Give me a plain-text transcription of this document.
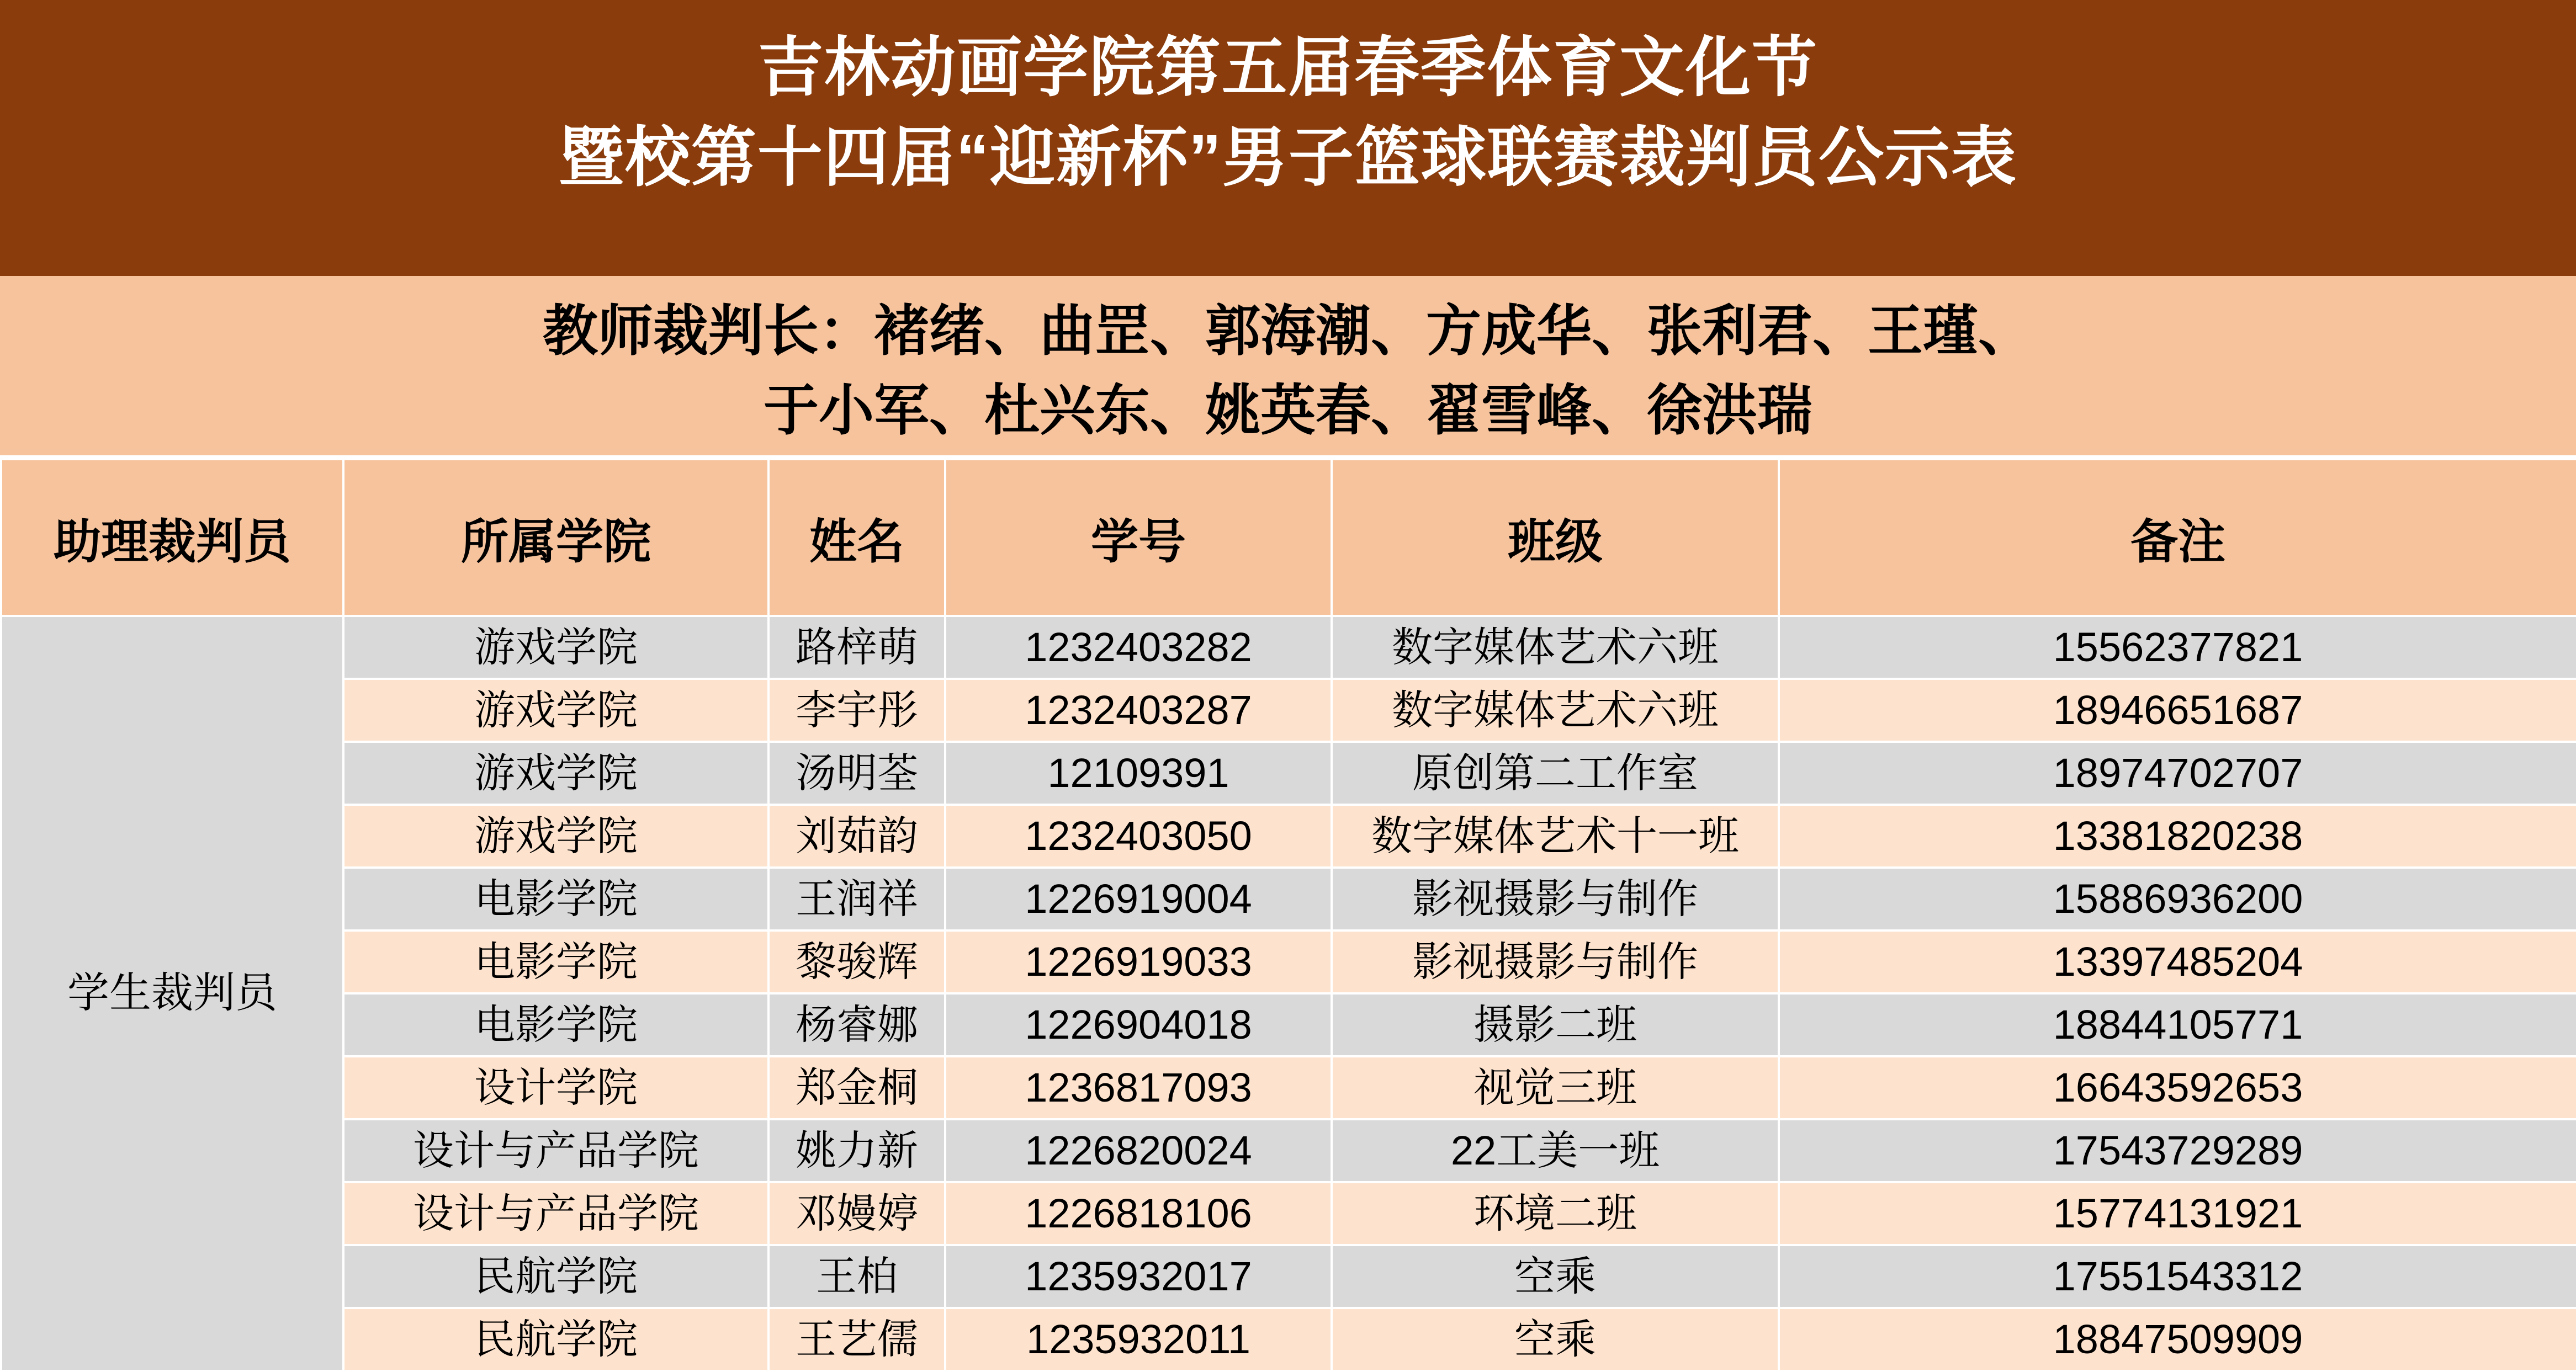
吉林动画学院第五届春季体育文化节
暨校第十四届“迎新杯”男子篮球联赛裁判员公示表
教师裁判长：褚绪、曲罡、郭海潮、方成华、张利君、王瑾、
于小军、杜兴东、姚英春、翟雪峰、徐洪瑞
助理裁判员	所属学院	姓名	学号	班级	备注
学生裁判员	游戏学院	路梓萌	1232403282	数字媒体艺术六班	15562377821
	游戏学院	李宇彤	1232403287	数字媒体艺术六班	18946651687
	游戏学院	汤明荃	12109391	原创第二工作室	18974702707
	游戏学院	刘茹韵	1232403050	数字媒体艺术十一班	13381820238
	电影学院	王润祥	1226919004	影视摄影与制作	15886936200
	电影学院	黎骏辉	1226919033	影视摄影与制作	13397485204
	电影学院	杨睿娜	1226904018	摄影二班	18844105771
	设计学院	郑金桐	1236817093	视觉三班	16643592653
	设计与产品学院	姚力新	1226820024	22工美一班	17543729289
	设计与产品学院	邓嫚婷	1226818106	环境二班	15774131921
	民航学院	王柏	1235932017	空乘	17551543312
	民航学院	王艺儒	1235932011	空乘	18847509909
